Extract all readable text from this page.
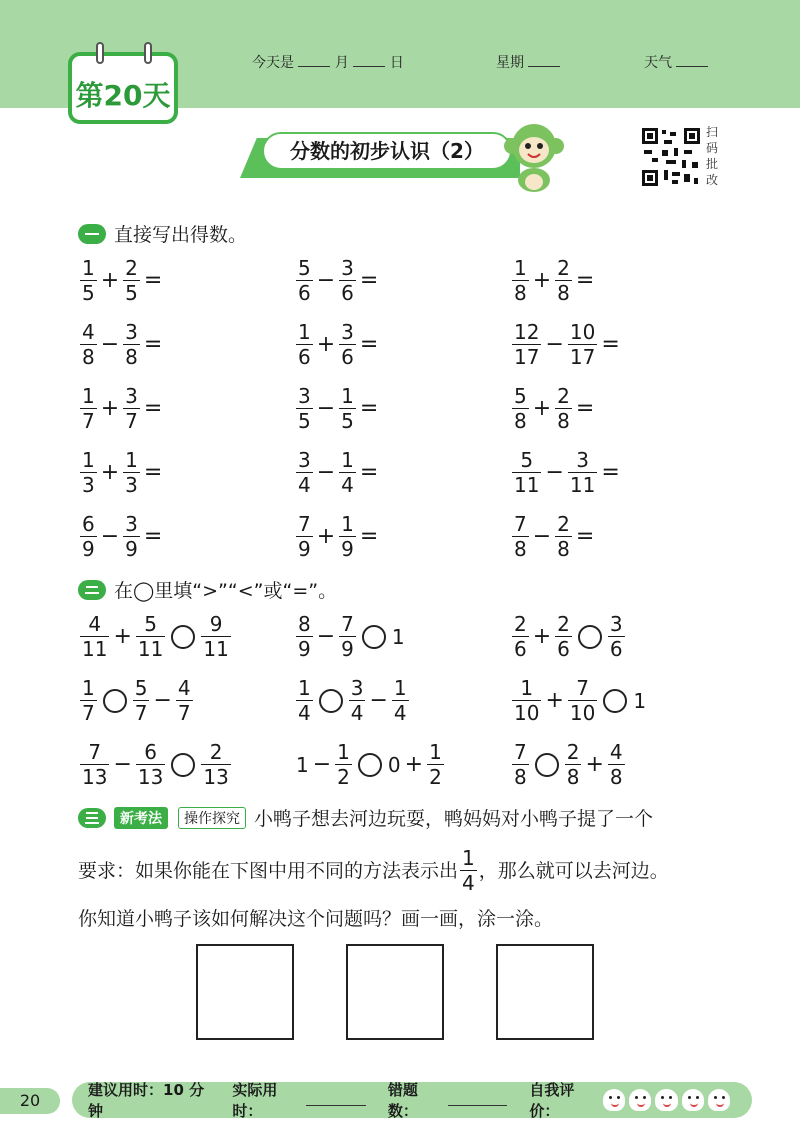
第20天
今天是	月	日	星期	天气
分数的初步认识（2）
扫码批改
直接写出得数。
$\frac{1}{5} + \frac{2}{5}$ =	$\frac{5}{6} - \frac{3}{6}$ =	$\frac{1}{8} + \frac{2}{8}$ =
$\frac{4}{8} - \frac{3}{8}$ =	$\frac{1}{6} + \frac{3}{6}$ =	$\frac{12}{17} - \frac{10}{17}$ =
$\frac{1}{7} + \frac{3}{7}$ =	$\frac{3}{5} - \frac{1}{5}$ =	$\frac{5}{8} + \frac{2}{8}$ =
$\frac{1}{3} + \frac{1}{3}$ =	$\frac{3}{4} - \frac{1}{4}$ =	$\frac{5}{11} - \frac{3}{11}$ =
$\frac{6}{9} - \frac{3}{9}$ =	$\frac{7}{9} + \frac{1}{9}$ =	$\frac{7}{8} - \frac{2}{8}$ =
在◯里填“>”“<”或“=”。
$\frac{4}{11} + \frac{5}{11} \frac{9}{11}$	$\frac{8}{9} - \frac{7}{9} 1$	$\frac{2}{6} + \frac{2}{6} \frac{3}{6}$
$\frac{1}{7} \frac{5}{7} - \frac{4}{7}$	$\frac{1}{4} \frac{3}{4} - \frac{1}{4}$	$\frac{1}{10} + \frac{7}{10} 1$
$\frac{7}{13} - \frac{6}{13} \frac{2}{13}$	$1 - \frac{1}{2} 0 + \frac{1}{2}$	$\frac{7}{8} \frac{2}{8} + \frac{4}{8}$
新考法	操作探究 小鸭子想去河边玩耍，鸭妈妈对小鸭子提了一个
要求：如果你能在下图中用不同的方法表示出 $\frac{1}{4}$ ，那么就可以去河边。
你知道小鸭子该如何解决这个问题吗？画一画，涂一涂。
20
建议用时：10 分钟
实际用时：
错题数：
自我评价：
